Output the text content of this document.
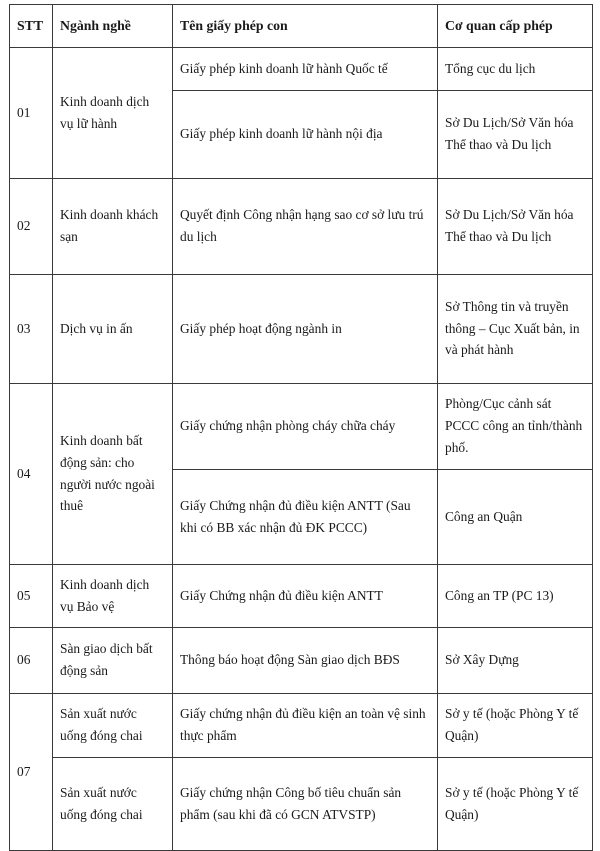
STT	Ngành nghề	Tên giấy phép con	Cơ quan cấp phép
01	Kinh doanh dịch vụ lữ hành	Giấy phép kinh doanh lữ hành Quốc tế	Tổng cục du lịch
		Giấy phép kinh doanh lữ hành nội địa	Sở Du Lịch/Sở Văn hóa Thể thao và Du lịch
02	Kinh doanh khách sạn	Quyết định Công nhận hạng sao cơ sở lưu trú du lịch	Sở Du Lịch/Sở Văn hóa Thể thao và Du lịch
03	Dịch vụ in ấn	Giấy phép hoạt động ngành in	Sở Thông tin và truyền thông – Cục Xuất bản, in và phát hành
04	Kinh doanh bất động sản: cho người nước ngoài thuê	Giấy chứng nhận phòng cháy chữa cháy	Phòng/Cục cảnh sát PCCC công an tỉnh/thành phố.
		Giấy Chứng nhận đủ điều kiện ANTT (Sau khi có BB xác nhận đủ ĐK PCCC)	Công an Quận
05	Kinh doanh dịch vụ Bảo vệ	Giấy Chứng nhận đủ điều kiện ANTT	Công an TP (PC 13)
06	Sàn giao dịch bất động sản	Thông báo hoạt động Sàn giao dịch BĐS	Sở Xây Dựng
07	Sản xuất nước uống đóng chai	Giấy chứng nhận đủ điều kiện an toàn vệ sinh thực phẩm	Sở y tế (hoặc Phòng Y tế Quận)
	Sản xuất nước uống đóng chai	Giấy chứng nhận Công bố tiêu chuẩn sản phẩm (sau khi đã có GCN ATVSTP)	Sở y tế (hoặc Phòng Y tế Quận)
